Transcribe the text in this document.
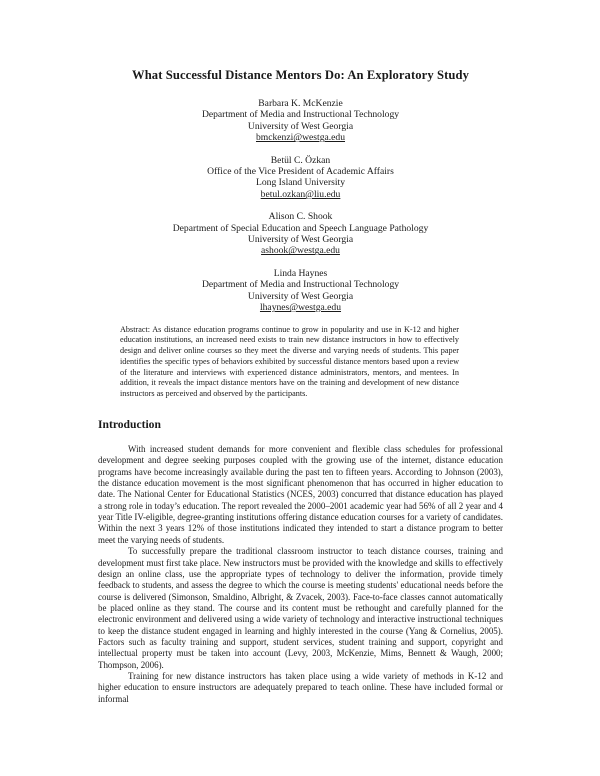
What Successful Distance Mentors Do: An Exploratory Study
Barbara K. McKenzie
Department of Media and Instructional Technology
University of West Georgia
bmckenzi@westga.edu
Betül C. Özkan
Office of the Vice President of Academic Affairs
Long Island University
betul.ozkan@liu.edu
Alison C. Shook
Department of Special Education and Speech Language Pathology
University of West Georgia
ashook@westga.edu
Linda Haynes
Department of Media and Instructional Technology
University of West Georgia
lhaynes@westga.edu
Abstract: As distance education programs continue to grow in popularity and use in K-12 and higher education institutions, an increased need exists to train new distance instructors in how to effectively design and deliver online courses so they meet the diverse and varying needs of students. This paper identifies the specific types of behaviors exhibited by successful distance mentors based upon a review of the literature and interviews with experienced distance administrators, mentors, and mentees. In addition, it reveals the impact distance mentors have on the training and development of new distance instructors as perceived and observed by the participants.
Introduction

With increased student demands for more convenient and flexible class schedules for professional development and degree seeking purposes coupled with the growing use of the internet, distance education programs have become increasingly available during the past ten to fifteen years. According to Johnson (2003), the distance education movement is the most significant phenomenon that has occurred in higher education to date. The National Center for Educational Statistics (NCES, 2003) concurred that distance education has played a strong role in today’s education. The report revealed the 2000–2001 academic year had 56% of all 2 year and 4 year Title IV-eligible, degree-granting institutions offering distance education courses for a variety of candidates. Within the next 3 years 12% of those institutions indicated they intended to start a distance program to better meet the varying needs of students.

To successfully prepare the traditional classroom instructor to teach distance courses, training and development must first take place. New instructors must be provided with the knowledge and skills to effectively design an online class, use the appropriate types of technology to deliver the information, provide timely feedback to students, and assess the degree to which the course is meeting students' educational needs before the course is delivered (Simonson, Smaldino, Albright, & Zvacek, 2003). Face-to-face classes cannot automatically be placed online as they stand. The course and its content must be rethought and carefully planned for the electronic environment and delivered using a wide variety of technology and interactive instructional techniques to keep the distance student engaged in learning and highly interested in the course (Yang & Cornelius, 2005). Factors such as faculty training and support, student services, student training and support, copyright and intellectual property must be taken into account (Levy, 2003, McKenzie, Mims, Bennett & Waugh, 2000; Thompson, 2006).

Training for new distance instructors has taken place using a wide variety of methods in K-12 and higher education to ensure instructors are adequately prepared to teach online. These have included formal or informal
